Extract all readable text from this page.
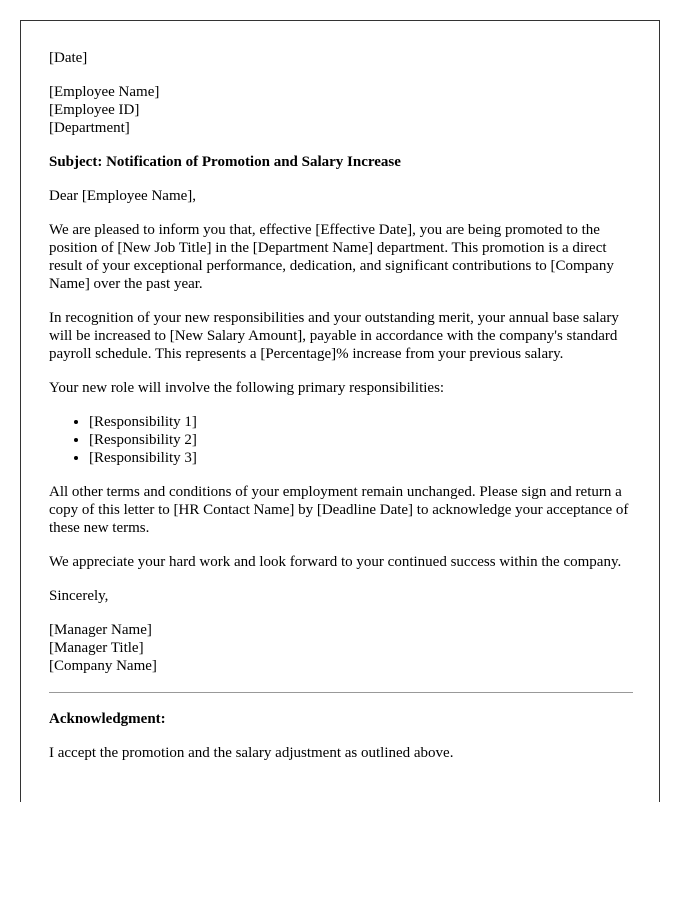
[Date]

[Employee Name]
[Employee ID]
[Department]

Subject: Notification of Promotion and Salary Increase

Dear [Employee Name],

We are pleased to inform you that, effective [Effective Date], you are being promoted to the position of [New Job Title] in the [Department Name] department. This promotion is a direct result of your exceptional performance, dedication, and significant contributions to [Company Name] over the past year.

In recognition of your new responsibilities and your outstanding merit, your annual base salary will be increased to [New Salary Amount], payable in accordance with the company's standard payroll schedule. This represents a [Percentage]% increase from your previous salary.

Your new role will involve the following primary responsibilities:

• [Responsibility 1]
• [Responsibility 2]
• [Responsibility 3]

All other terms and conditions of your employment remain unchanged. Please sign and return a copy of this letter to [HR Contact Name] by [Deadline Date] to acknowledge your acceptance of these new terms.

We appreciate your hard work and look forward to your continued success within the company.

Sincerely,

[Manager Name]
[Manager Title]
[Company Name]

Acknowledgment:

I accept the promotion and the salary adjustment as outlined above.
